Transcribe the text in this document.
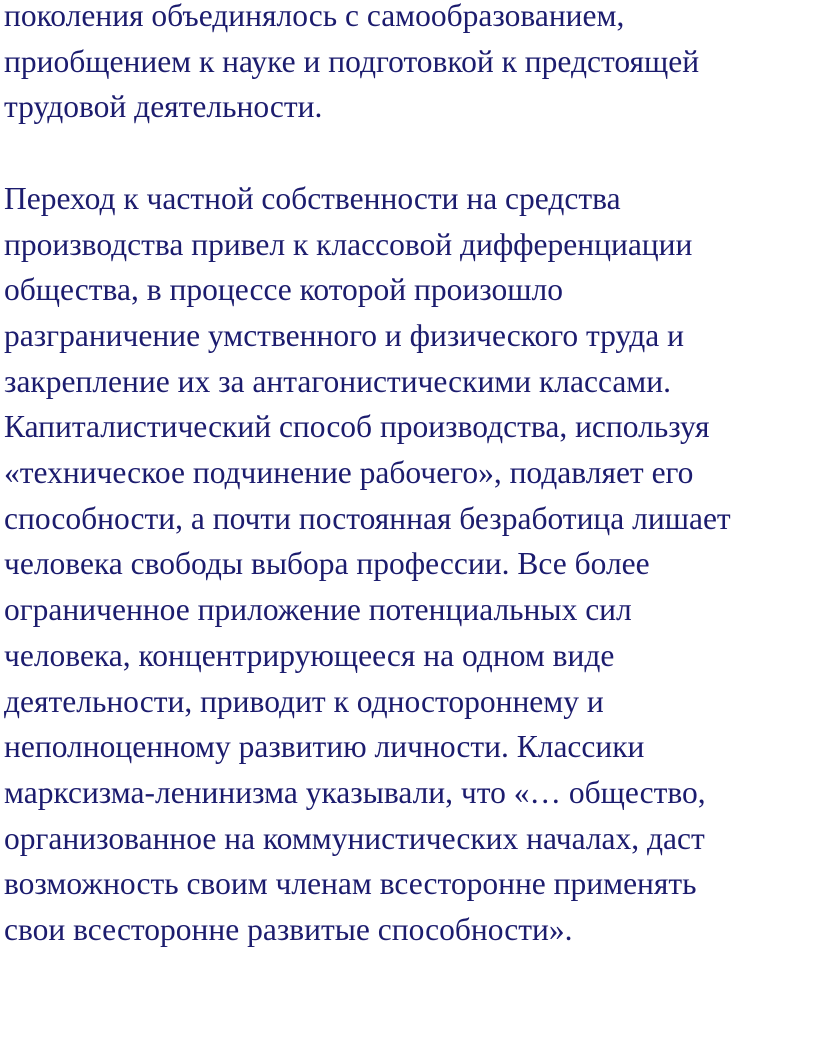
поколения объединялось с самообразованием,
приобщением к науке и подготовкой к предстоящей
трудовой деятельности.
Переход к частной собственности на средства
производства привел к классовой дифференциации
общества, в процессе которой произошло
разграничение умственного и физического труда и
закрепление их за антагонистическими классами.
Капиталистический способ производства, используя
«техническое подчинение рабочего», подавляет его
способности, а почти постоянная безработица лишает
человека свободы выбора профессии. Все более
ограниченное приложение потенциальных сил
человека, концентрирующееся на одном виде
деятельности, приводит к одностороннему и
неполноценному развитию личности. Классики
марксизма-ленинизма указывали, что «… общество,
организованное на коммунистических началах, даст
возможность своим членам всесторонне применять
свои всесторонне развитые способности».
